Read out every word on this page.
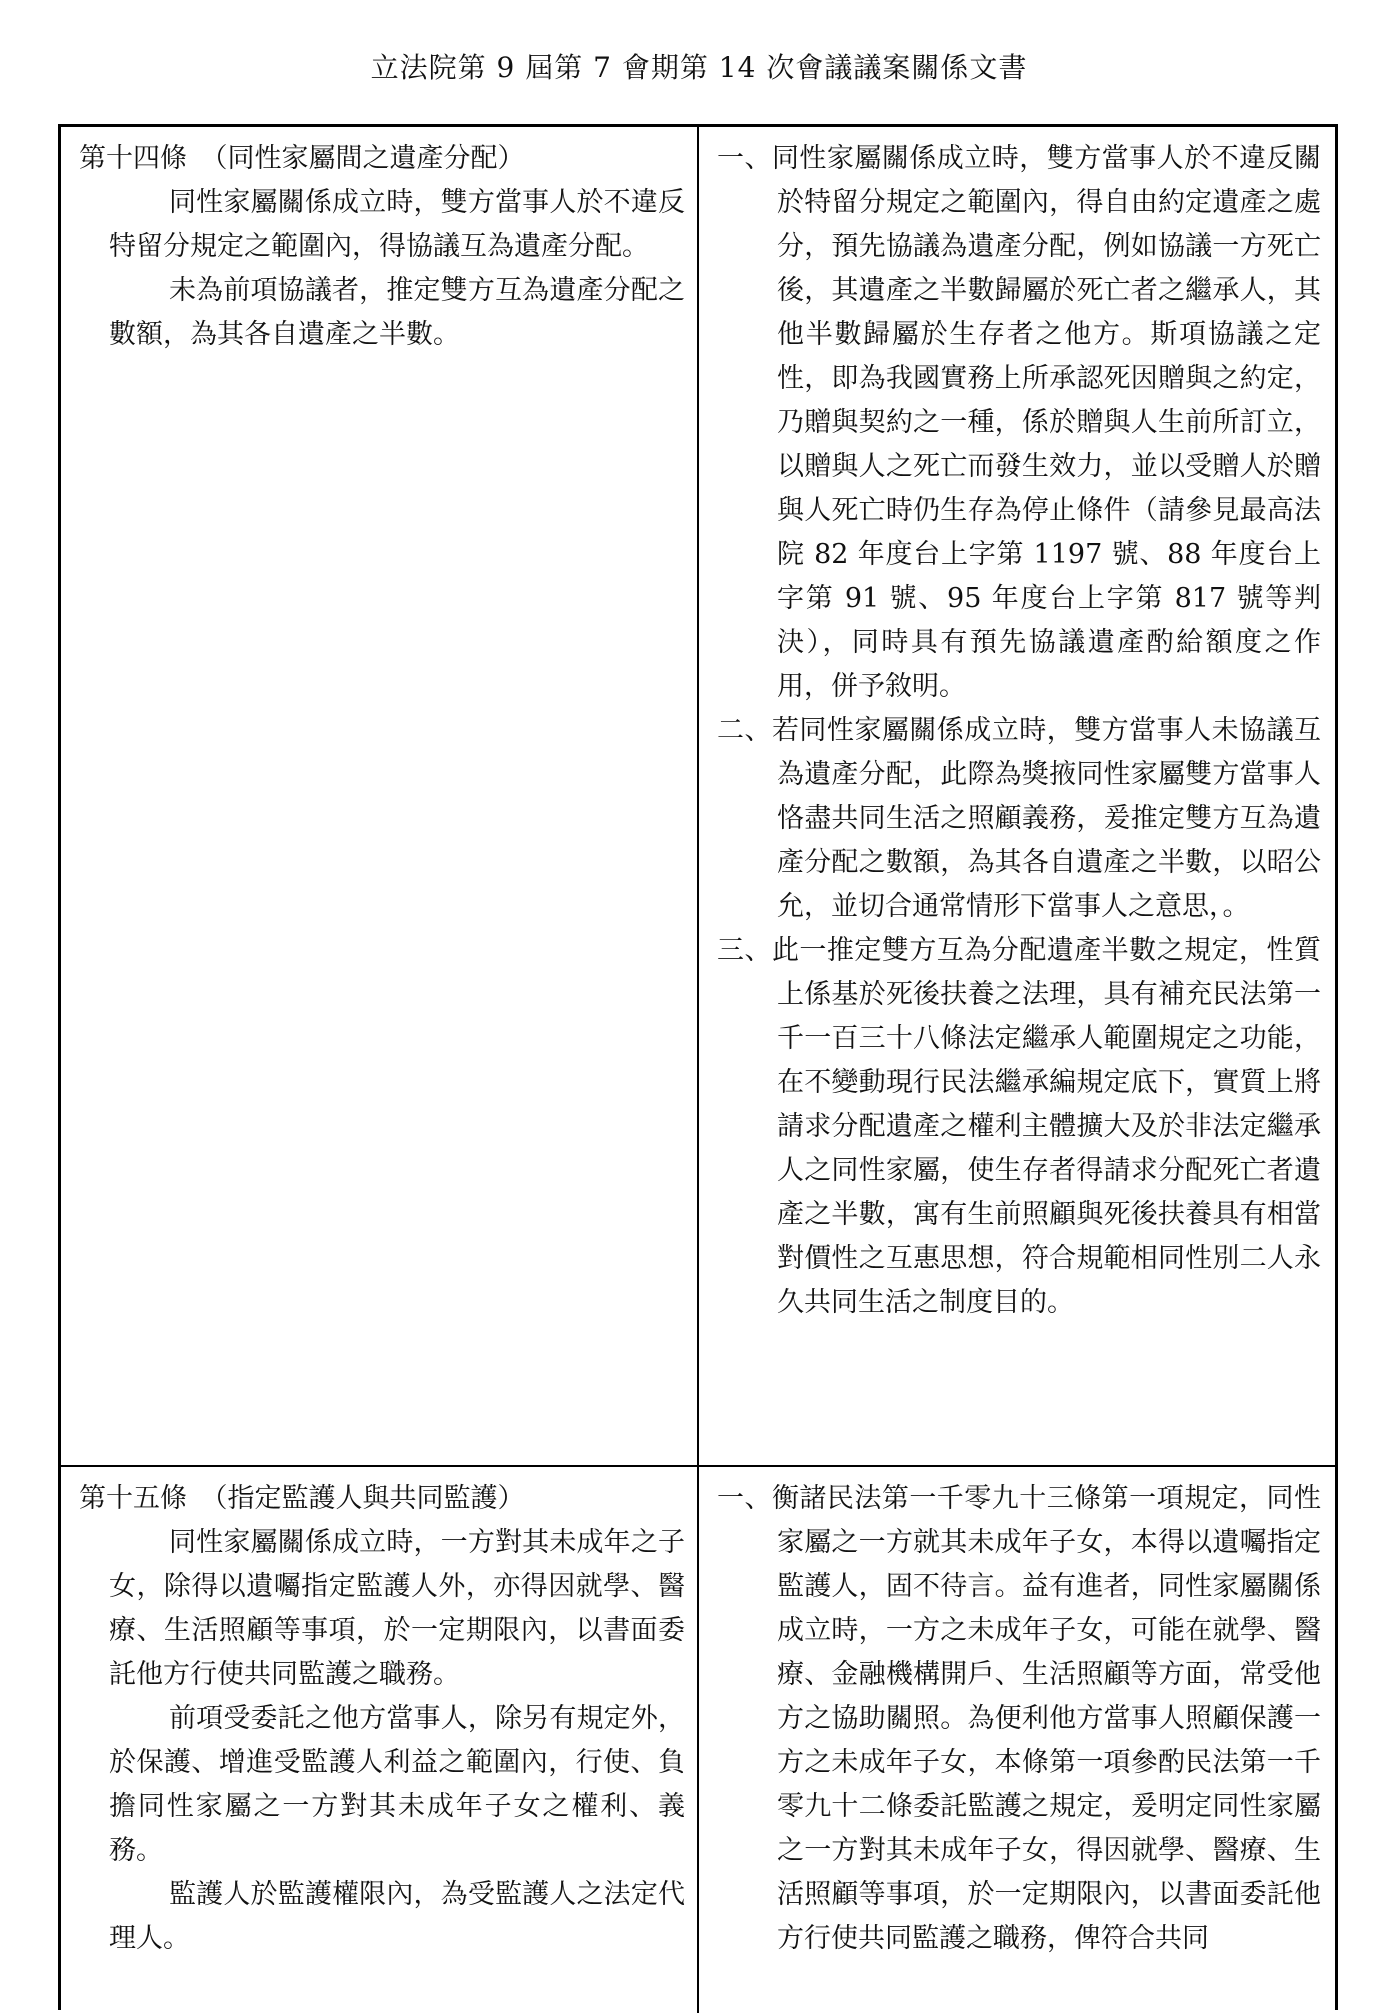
立法院第 9 屆第 7 會期第 14 次會議議案關係文書
第十四條　（同性家屬間之遺產分配）

同性家屬關係成立時，雙方當事人於不違反特留分規定之範圍內，得協議互為遺產分配。

未為前項協議者，推定雙方互為遺產分配之數額，為其各自遺產之半數。

一、同性家屬關係成立時，雙方當事人於不違反關於特留分規定之範圍內，得自由約定遺產之處分，預先協議為遺產分配，例如協議一方死亡後，其遺產之半數歸屬於死亡者之繼承人，其他半數歸屬於生存者之他方。斯項協議之定性，即為我國實務上所承認死因贈與之約定，乃贈與契約之一種，係於贈與人生前所訂立，以贈與人之死亡而發生效力，並以受贈人於贈與人死亡時仍生存為停止條件（請參見最高法院 82 年度台上字第 1197 號、88 年度台上字第 91 號、95 年度台上字第 817 號等判決），同時具有預先協議遺產酌給額度之作用，併予敘明。

二、若同性家屬關係成立時，雙方當事人未協議互為遺產分配，此際為獎掖同性家屬雙方當事人恪盡共同生活之照顧義務，爰推定雙方互為遺產分配之數額，為其各自遺產之半數，以昭公允，並切合通常情形下當事人之意思，。

三、此一推定雙方互為分配遺產半數之規定，性質上係基於死後扶養之法理，具有補充民法第一千一百三十八條法定繼承人範圍規定之功能，在不變動現行民法繼承編規定底下，實質上將請求分配遺產之權利主體擴大及於非法定繼承人之同性家屬，使生存者得請求分配死亡者遺產之半數，寓有生前照顧與死後扶養具有相當對價性之互惠思想，符合規範相同性別二人永久共同生活之制度目的。

第十五條　（指定監護人與共同監護）

同性家屬關係成立時，一方對其未成年之子女，除得以遺囑指定監護人外，亦得因就學、醫療、生活照顧等事項，於一定期限內，以書面委託他方行使共同監護之職務。

前項受委託之他方當事人，除另有規定外，於保護、增進受監護人利益之範圍內，行使、負擔同性家屬之一方對其未成年子女之權利、義務。

監護人於監護權限內，為受監護人之法定代理人。

一、衡諸民法第一千零九十三條第一項規定，同性家屬之一方就其未成年子女，本得以遺囑指定監護人，固不待言。益有進者，同性家屬關係成立時，一方之未成年子女，可能在就學、醫療、金融機構開戶、生活照顧等方面，常受他方之協助關照。為便利他方當事人照顧保護一方之未成年子女，本條第一項參酌民法第一千零九十二條委託監護之規定，爰明定同性家屬之一方對其未成年子女，得因就學、醫療、生活照顧等事項，於一定期限內，以書面委託他方行使共同監護之職務，俾符合共同
